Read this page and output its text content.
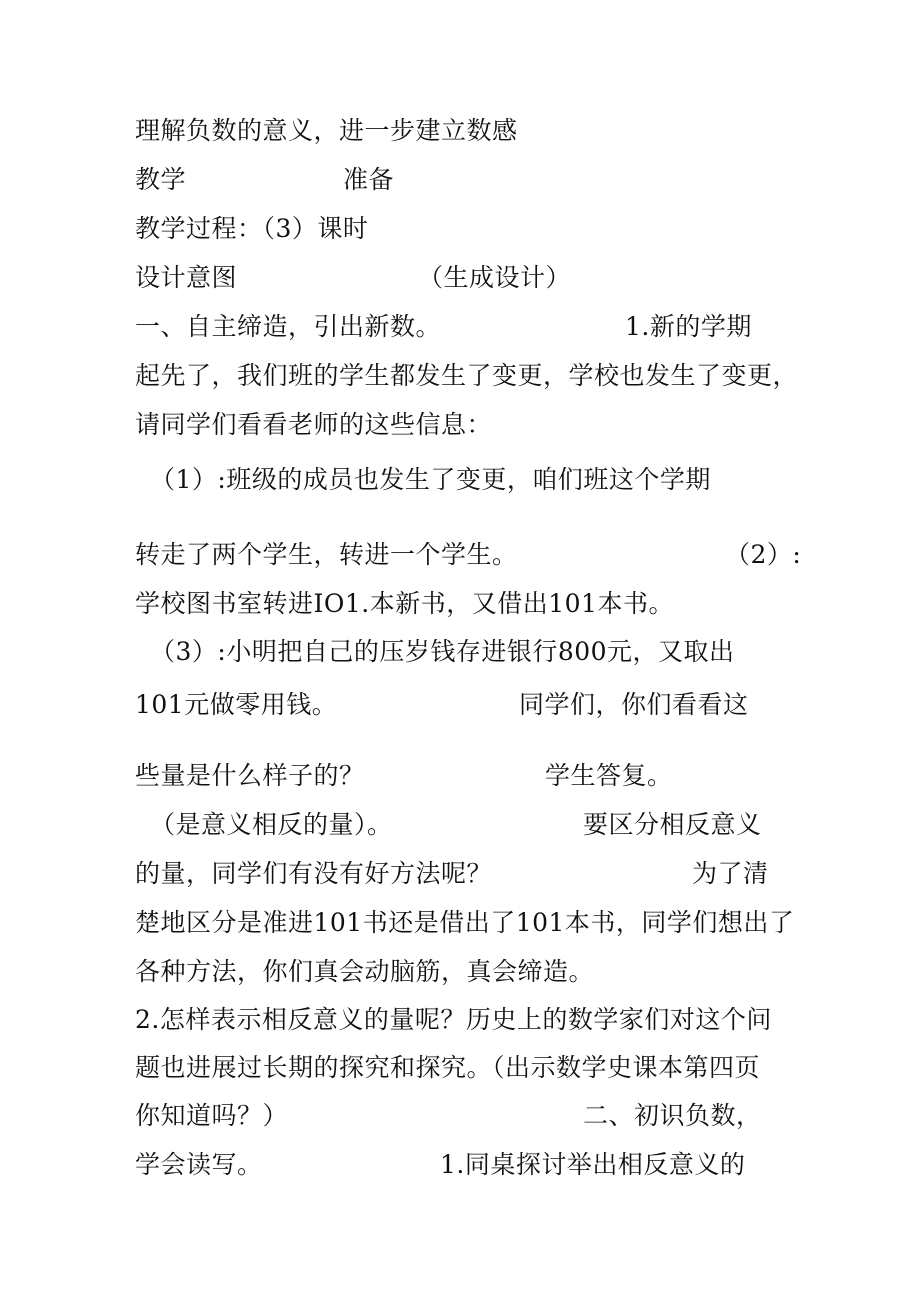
理解负数的意义，进一步建立数感
教学	准备
教学过程：（3）课时
设计意图	（生成设计）
一、自主缔造，引出新数。	1.新的学期
起先了，我们班的学生都发生了变更，学校也发生了变更，
请同学们看看老师的这些信息：
（1）:班级的成员也发生了变更，咱们班这个学期
转走了两个学生，转进一个学生。	（2）:
学校图书室转进IO1.本新书，又借出101本书。
（3）:小明把自己的压岁钱存进银行800元，又取出
101元做零用钱。	同学们，你们看看这
些量是什么样子的？	学生答复。
（是意义相反的量）。	要区分相反意义
的量，同学们有没有好方法呢？	为了清
楚地区分是准进101书还是借出了101本书，同学们想出了
各种方法，你们真会动脑筋，真会缔造。
2.怎样表示相反意义的量呢？历史上的数学家们对这个问
题也进展过长期的探究和探究。（出示数学史课本第四页
你知道吗？）	二、初识负数，
学会读写。	1.同桌探讨举出相反意义的
